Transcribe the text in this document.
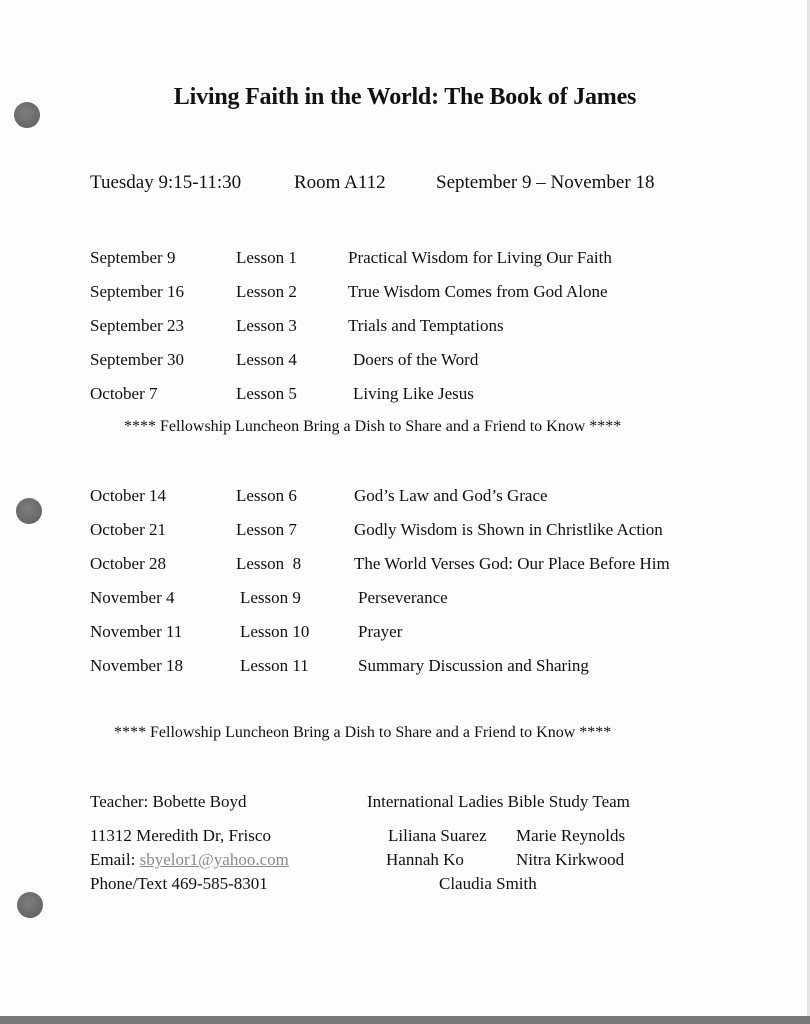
Living Faith in the World: The Book of James
Tuesday 9:15-11:30	Room A112	September 9 – November 18
September 9	Lesson 1	Practical Wisdom for Living Our Faith
September 16	Lesson 2	True Wisdom Comes from God Alone
September 23	Lesson 3	Trials and Temptations
September 30	Lesson 4	Doers of the Word
October 7	Lesson 5	Living Like Jesus
**** Fellowship Luncheon Bring a Dish to Share and a Friend to Know ****
October 14	Lesson 6	God’s Law and God’s Grace
October 21	Lesson 7	Godly Wisdom is Shown in Christlike Action
October 28	Lesson  8	The World Verses God: Our Place Before Him
November 4	Lesson 9	Perseverance
November 11	Lesson 10	Prayer
November 18	Lesson 11	Summary Discussion and Sharing
**** Fellowship Luncheon Bring a Dish to Share and a Friend to Know ****
Teacher: Bobette Boyd
11312 Meredith Dr, Frisco
Email: sbyelor1@yahoo.com
Phone/Text 469-585-8301
International Ladies Bible Study Team
Liliana Suarez Marie Reynolds
Hannah Ko	Nitra Kirkwood
Claudia Smith
